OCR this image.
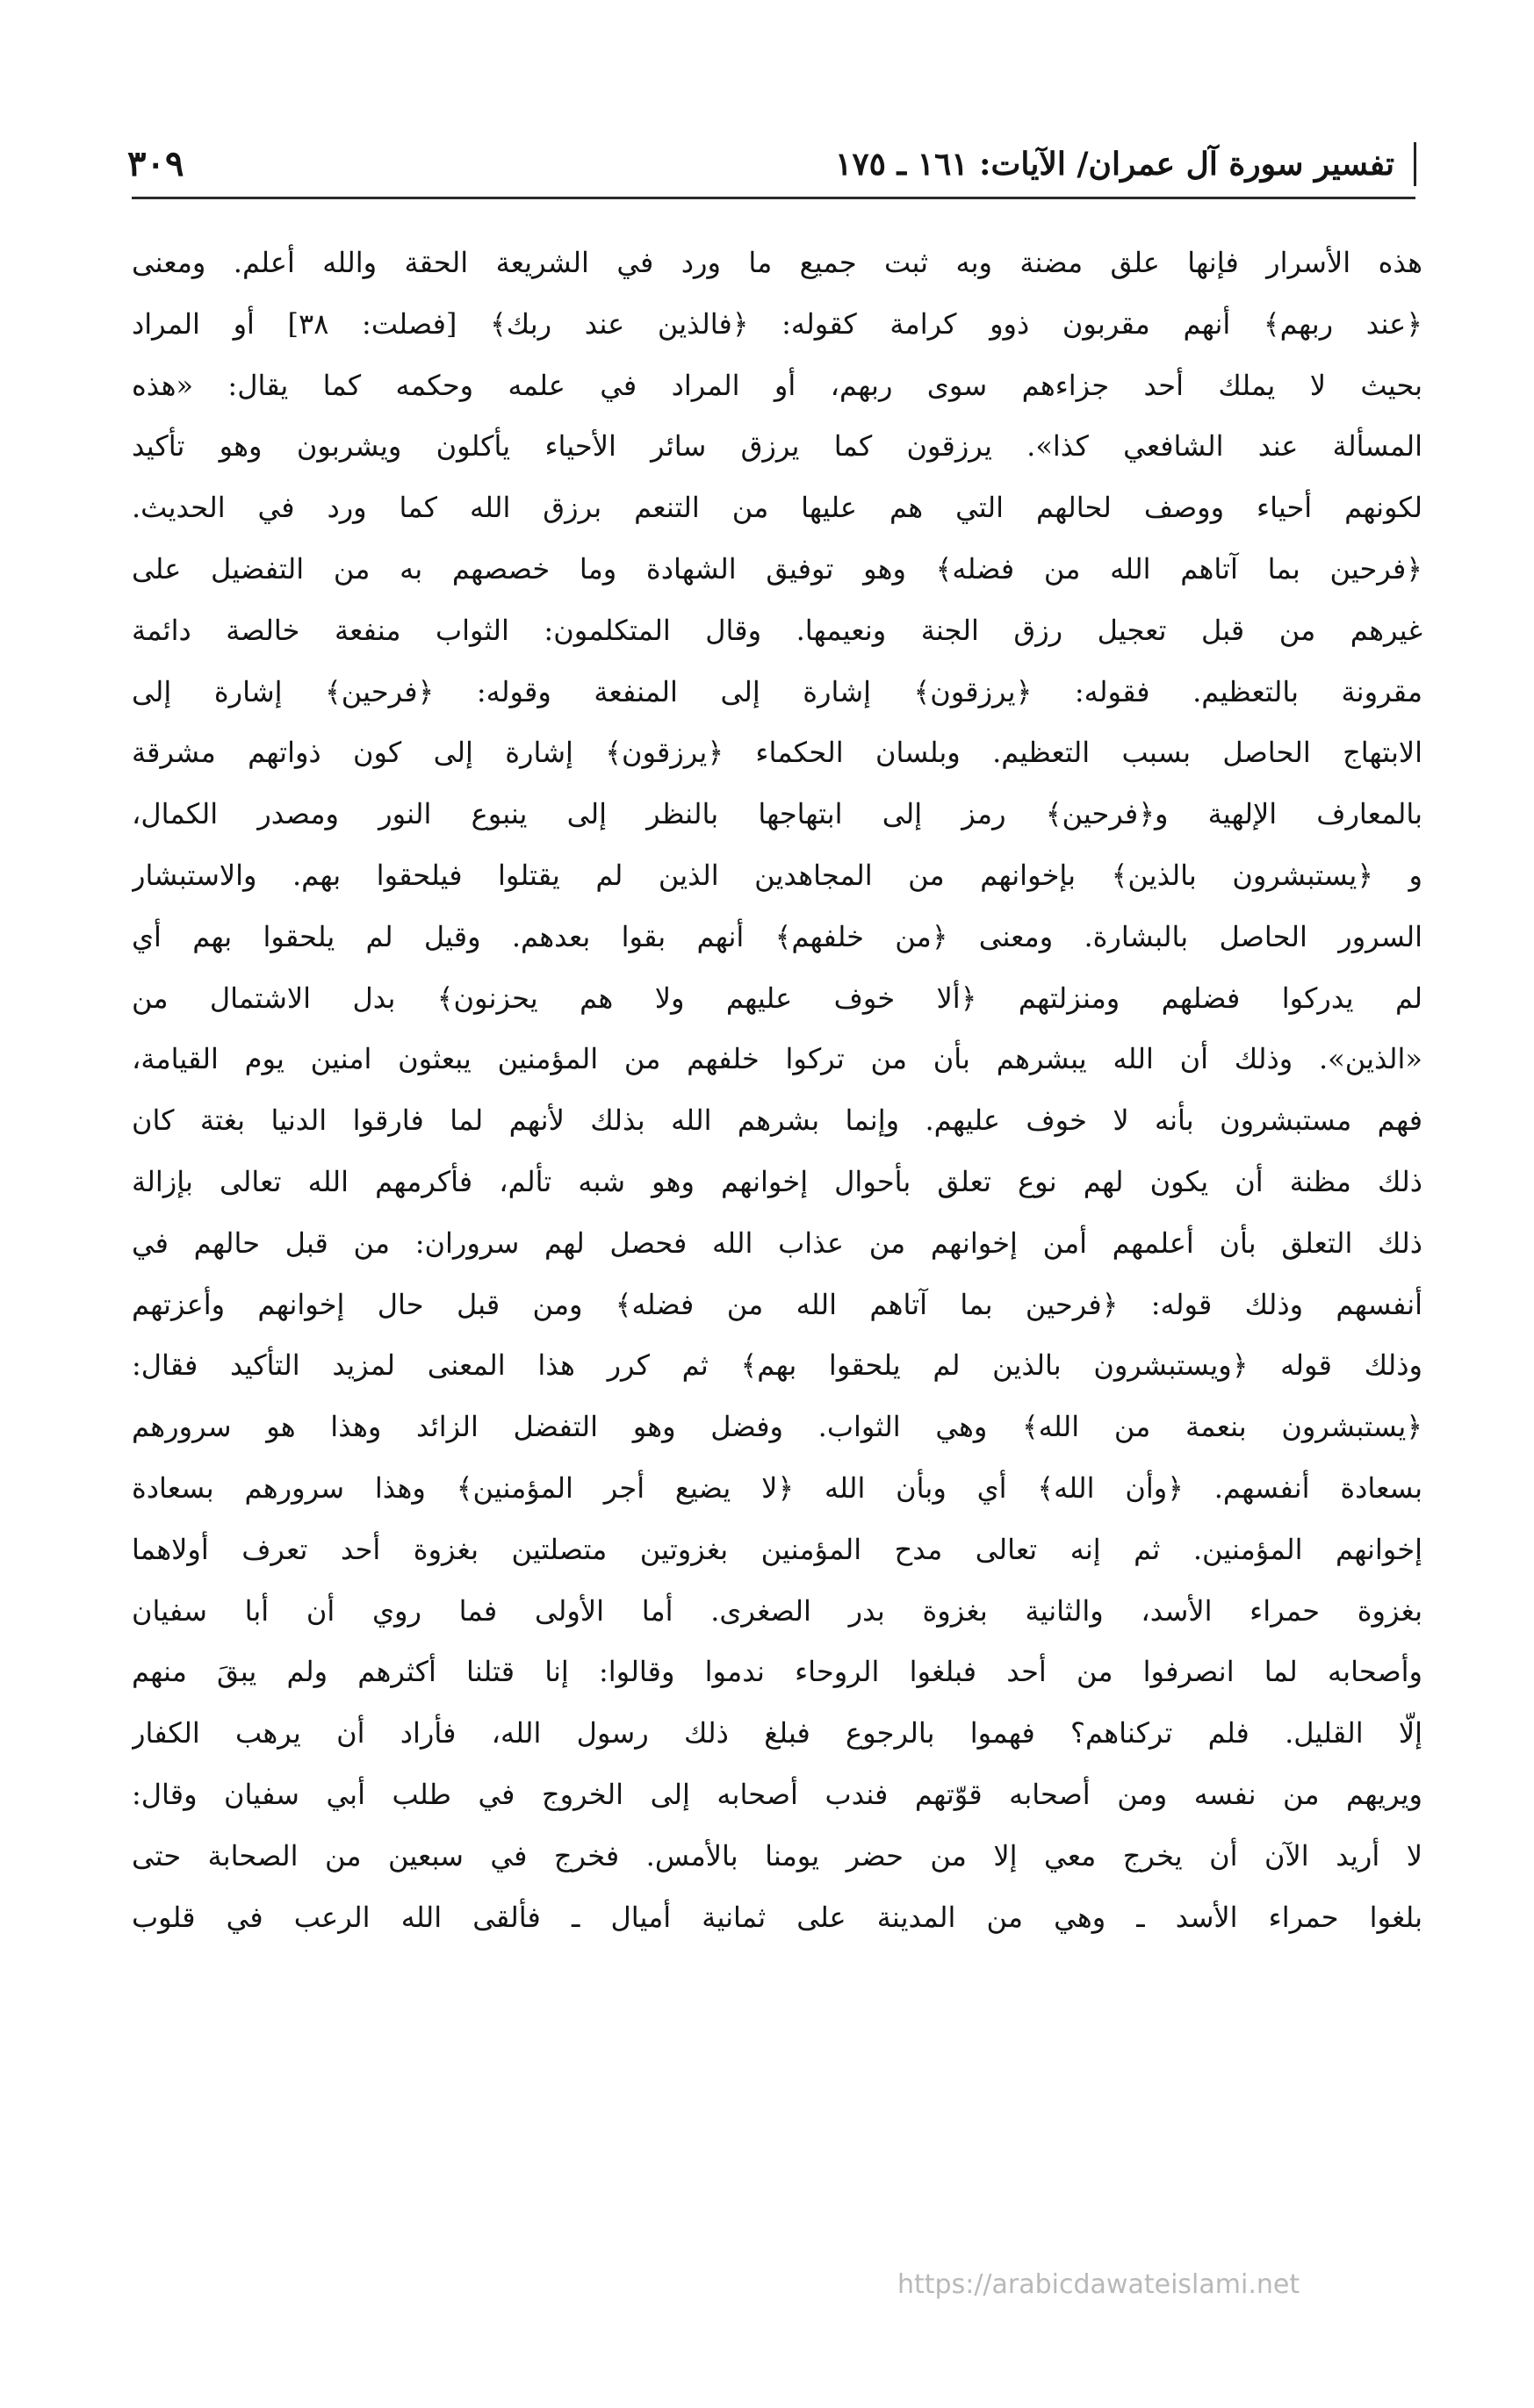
تفسير سورة آل عمران/ الآيات: ١٦١ ـ ١٧٥
٣٠٩
هذه الأسرار فإنها علق مضنة وبه ثبت جميع ما ورد في الشريعة الحقة والله أعلم. ومعنى
﴿عند ربهم﴾ أنهم مقربون ذوو كرامة كقوله: ﴿فالذين عند ربك﴾ [فصلت: ٣٨] أو المراد
بحيث لا يملك أحد جزاءهم سوى ربهم، أو المراد في علمه وحكمه كما يقال: «هذه
المسألة عند الشافعي كذا». يرزقون كما يرزق سائر الأحياء يأكلون ويشربون وهو تأكيد
لكونهم أحياء ووصف لحالهم التي هم عليها من التنعم برزق الله كما ورد في الحديث.
﴿فرحين بما آتاهم الله من فضله﴾ وهو توفيق الشهادة وما خصصهم به من التفضيل على
غيرهم من قبل تعجيل رزق الجنة ونعيمها. وقال المتكلمون: الثواب منفعة خالصة دائمة
مقرونة بالتعظيم. فقوله: ﴿يرزقون﴾ إشارة إلى المنفعة وقوله: ﴿فرحين﴾ إشارة إلى
الابتهاج الحاصل بسبب التعظيم. وبلسان الحكماء ﴿يرزقون﴾ إشارة إلى كون ذواتهم مشرقة
بالمعارف الإلهية و﴿فرحين﴾ رمز إلى ابتهاجها بالنظر إلى ينبوع النور ومصدر الكمال،
و ﴿يستبشرون بالذين﴾ بإخوانهم من المجاهدين الذين لم يقتلوا فيلحقوا بهم. والاستبشار
السرور الحاصل بالبشارة. ومعنى ﴿من خلفهم﴾ أنهم بقوا بعدهم. وقيل لم يلحقوا بهم أي
لم يدركوا فضلهم ومنزلتهم ﴿ألا خوف عليهم ولا هم يحزنون﴾ بدل الاشتمال من
«الذين». وذلك أن الله يبشرهم بأن من تركوا خلفهم من المؤمنين يبعثون امنين يوم القيامة،
فهم مستبشرون بأنه لا خوف عليهم. وإنما بشرهم الله بذلك لأنهم لما فارقوا الدنيا بغتة كان
ذلك مظنة أن يكون لهم نوع تعلق بأحوال إخوانهم وهو شبه تألم، فأكرمهم الله تعالى بإزالة
ذلك التعلق بأن أعلمهم أمن إخوانهم من عذاب الله فحصل لهم سروران: من قبل حالهم في
أنفسهم وذلك قوله: ﴿فرحين بما آتاهم الله من فضله﴾ ومن قبل حال إخوانهم وأعزتهم
وذلك قوله ﴿ويستبشرون بالذين لم يلحقوا بهم﴾ ثم كرر هذا المعنى لمزيد التأكيد فقال:
﴿يستبشرون بنعمة من الله﴾ وهي الثواب. وفضل وهو التفضل الزائد وهذا هو سرورهم
بسعادة أنفسهم. ﴿وأن الله﴾ أي وبأن الله ﴿لا يضيع أجر المؤمنين﴾ وهذا سرورهم بسعادة
إخوانهم المؤمنين. ثم إنه تعالى مدح المؤمنين بغزوتين متصلتين بغزوة أحد تعرف أولاهما
بغزوة حمراء الأسد، والثانية بغزوة بدر الصغرى. أما الأولى فما روي أن أبا سفيان
وأصحابه لما انصرفوا من أحد فبلغوا الروحاء ندموا وقالوا: إنا قتلنا أكثرهم ولم يبقَ منهم
إلّا القليل. فلم تركناهم؟ فهموا بالرجوع فبلغ ذلك رسول الله، فأراد أن يرهب الكفار
ويريهم من نفسه ومن أصحابه قوّتهم فندب أصحابه إلى الخروج في طلب أبي سفيان وقال:
لا أريد الآن أن يخرج معي إلا من حضر يومنا بالأمس. فخرج في سبعين من الصحابة حتى
بلغوا حمراء الأسد ـ وهي من المدينة على ثمانية أميال ـ فألقى الله الرعب في قلوب
https://arabicdawateislami.net
